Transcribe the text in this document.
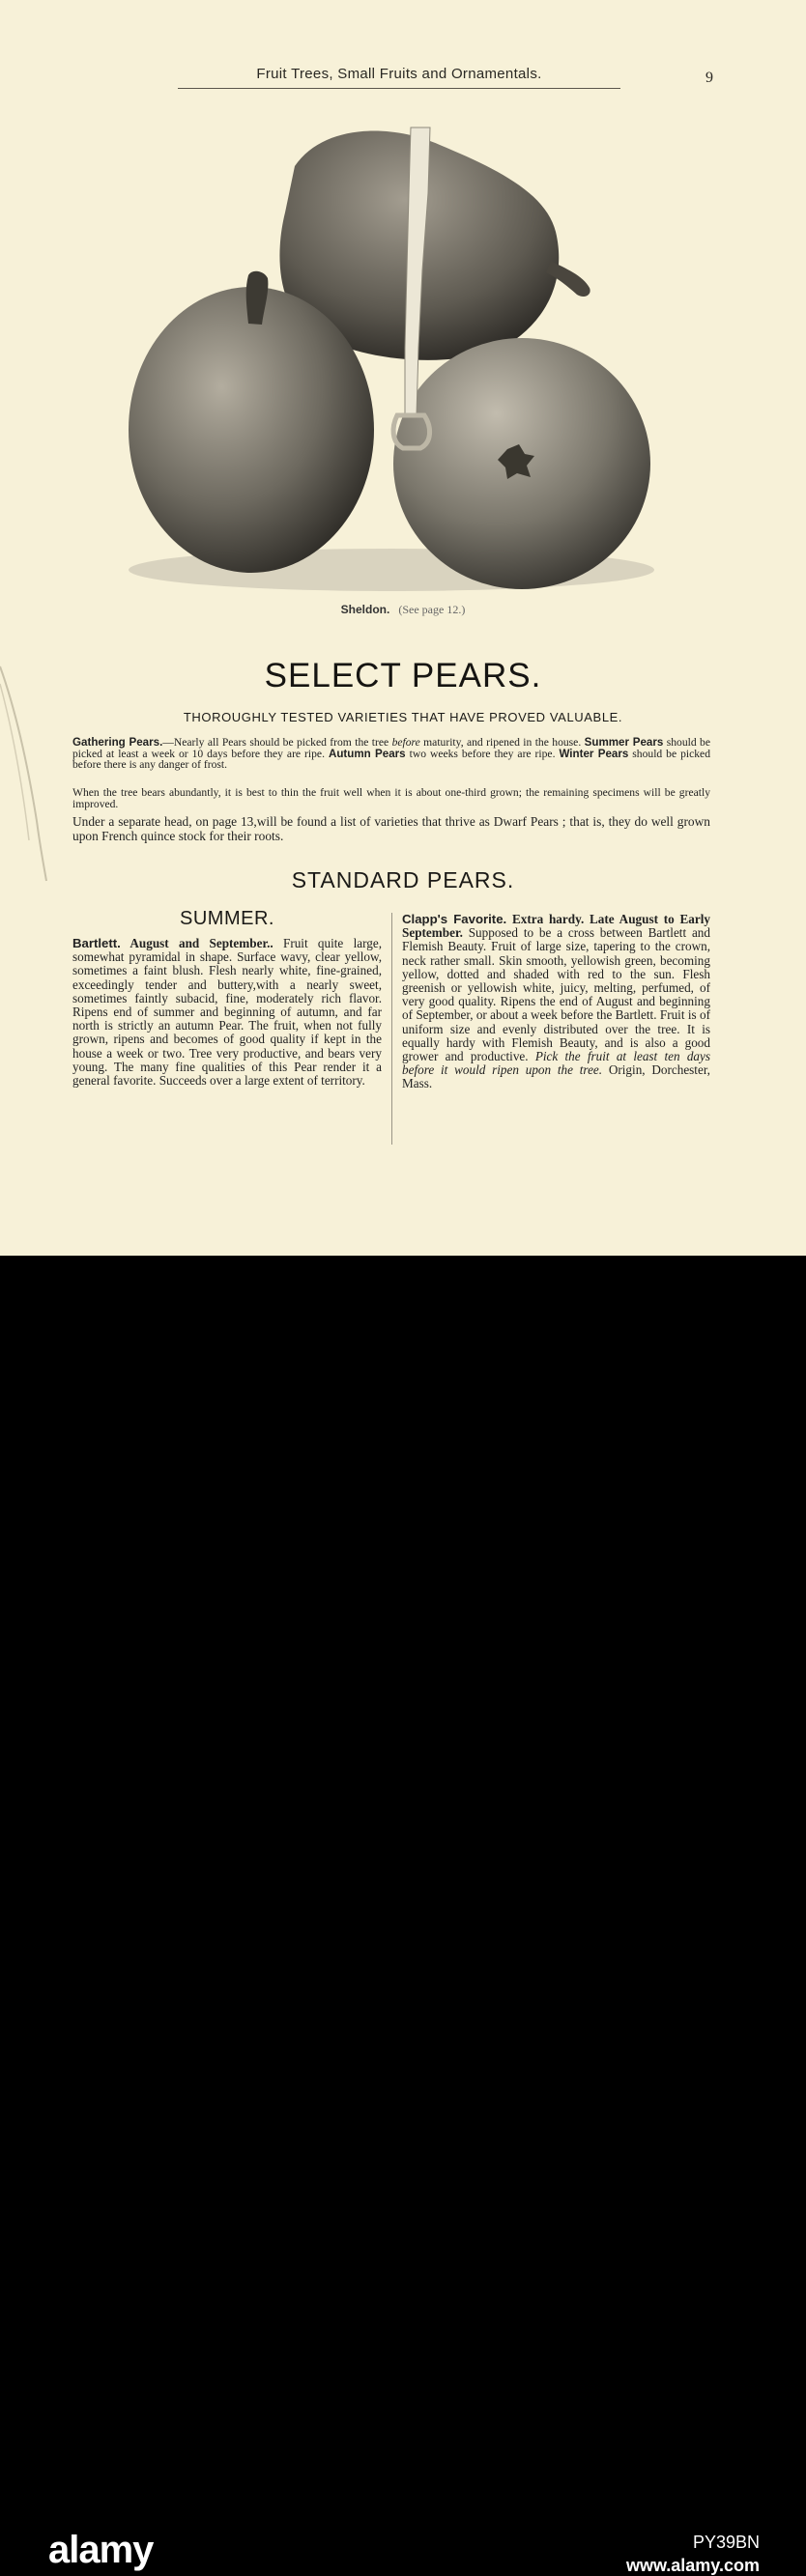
Fruit Trees, Small Fruits and Ornamentals.	9
Sheldon. (See page 12.)
SELECT PEARS.
THOROUGHLY TESTED VARIETIES THAT HAVE PROVED VALUABLE.
Gathering Pears.—Nearly all Pears should be picked from the tree before maturity, and ripened in the house. Summer Pears should be picked at least a week or 10 days before they are ripe. Autumn Pears two weeks before they are ripe. Winter Pears should be picked before there is any danger of frost.
When the tree bears abundantly, it is best to thin the fruit well when it is about one-third grown; the remaining specimens will be greatly improved.
Under a separate head, on page 13,will be found a list of varieties that thrive as Dwarf Pears ; that is, they do well grown upon French quince stock for their roots.
STANDARD PEARS.
SUMMER.
Bartlett. August and September.. Fruit quite large, somewhat pyramidal in shape. Surface wavy, clear yellow, sometimes a faint blush. Flesh nearly white, fine-grained, exceedingly tender and buttery,with a nearly sweet, sometimes faintly subacid, fine, moderately rich flavor. Ripens end of summer and beginning of autumn, and far north is strictly an autumn Pear. The fruit, when not fully grown, ripens and becomes of good quality if kept in the house a week or two. Tree very productive, and bears very young. The many fine qualities of this Pear render it a general favorite. Succeeds over a large extent of territory.
Clapp's Favorite. Extra hardy. Late August to Early September. Supposed to be a cross between Bartlett and Flemish Beauty. Fruit of large size, tapering to the crown, neck rather small. Skin smooth, yellowish green, becoming yellow, dotted and shaded with red to the sun. Flesh greenish or yellowish white, juicy, melting, perfumed, of very good quality. Ripens the end of August and beginning of September, or about a week before the Bartlett. Fruit is of uniform size and evenly distributed over the tree. It is equally hardy with Flemish Beauty, and is also a good grower and productive. Pick the fruit at least ten days before it would ripen upon the tree. Origin, Dorchester, Mass.
alamy	PY39BN
www.alamy.com
